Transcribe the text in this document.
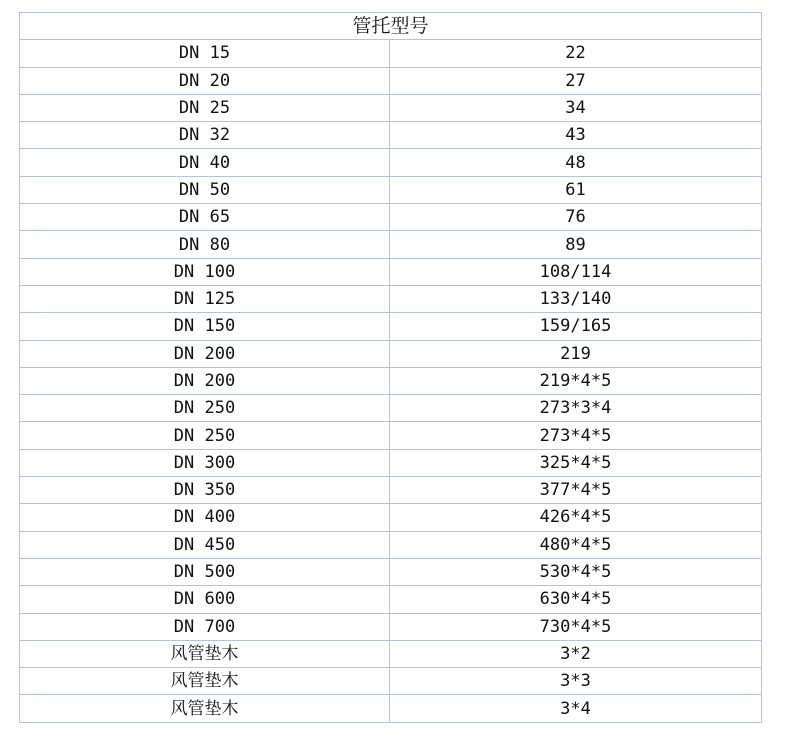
管托型号	
DN 15	22
DN 20	27
DN 25	34
DN 32	43
DN 40	48
DN 50	61
DN 65	76
DN 80	89
DN 100	108/114
DN 125	133/140
DN 150	159/165
DN 200	219
DN 200	219*4*5
DN 250	273*3*4
DN 250	273*4*5
DN 300	325*4*5
DN 350	377*4*5
DN 400	426*4*5
DN 450	480*4*5
DN 500	530*4*5
DN 600	630*4*5
DN 700	730*4*5
风管垫木	3*2
风管垫木	3*3
风管垫木	3*4
